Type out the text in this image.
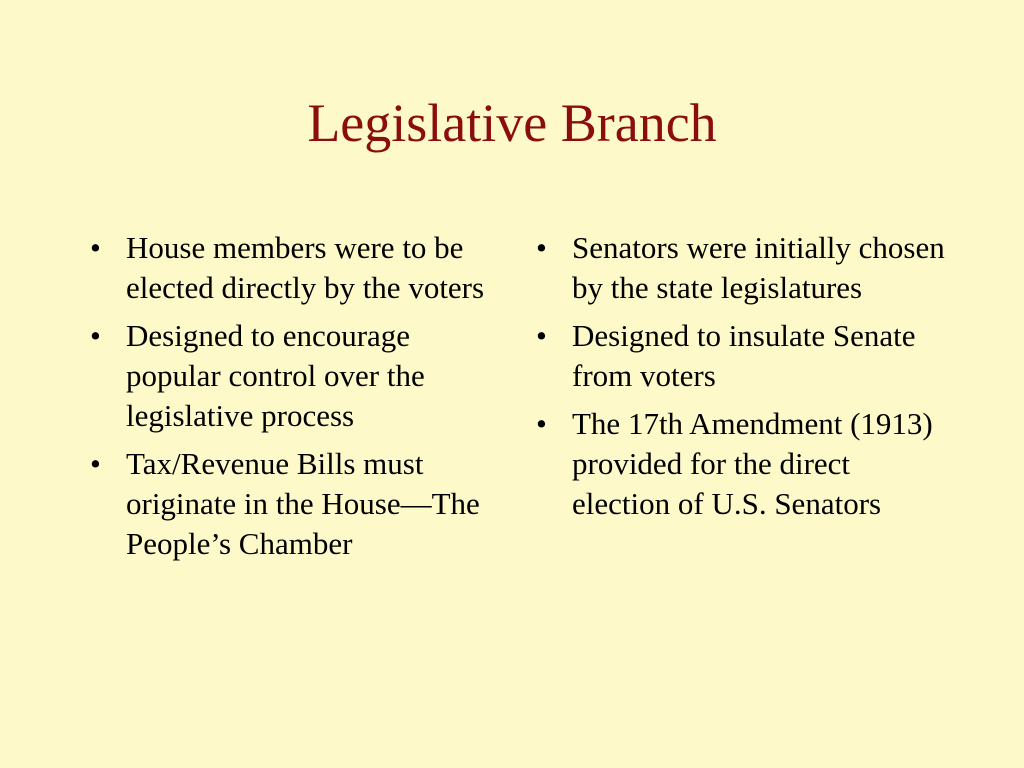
Legislative Branch
• House members were to be elected directly by the voters
• Designed to encourage popular control over the legislative process
• Tax/Revenue Bills must originate in the House—The People’s Chamber
• Senators were initially chosen by the state legislatures
• Designed to insulate Senate from voters
• The 17th Amendment (1913) provided for the direct election of U.S. Senators
